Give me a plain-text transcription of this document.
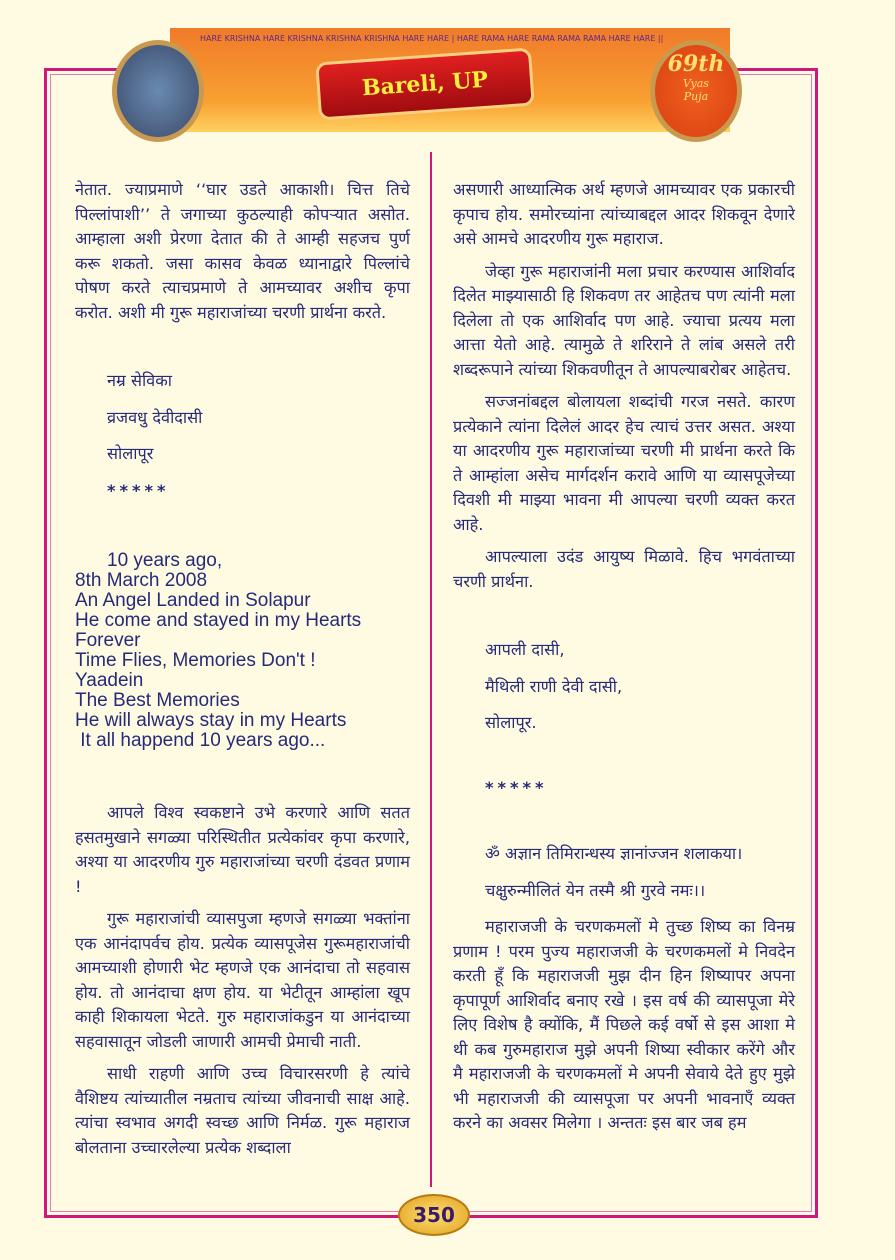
HARE KRISHNA HARE KRISHNA KRISHNA KRISHNA HARE HARE | HARE RAMA HARE RAMA RAMA RAMA HARE HARE ||
Bareli, UP
69th
Vyas
Puja

नेतात. ज्याप्रमाणे ‘‘घार उडते आकाशी। चित्त तिचे पिल्लांपाशी’’ ते जगाच्या कुठल्याही कोपऱ्यात असोत. आम्हाला अशी प्रेरणा देतात की ते आम्ही सहजच पुर्ण करू शकतो. जसा कासव केवळ ध्यानाद्वारे पिल्लांचे पोषण करते त्याचप्रमाणे ते आमच्यावर अशीच कृपा करोत. अशी मी गुरू महाराजांच्या चरणी प्रार्थना करते.

नम्र सेविका

व्रजवधु देवीदासी

सोलापूर

*****

10 years ago,
8th March 2008
An Angel Landed in Solapur
He come and stayed in my Hearts
Forever
Time Flies, Memories Don't !
Yaadein
The Best Memories
He will always stay in my Hearts
It all happend 10 years ago...

आपले विश्व स्वकष्टाने उभे करणारे आणि सतत हसतमुखाने सगळ्या परिस्थितीत प्रत्येकांवर कृपा करणारे, अश्या या आदरणीय गुरु महाराजांच्या चरणी दंडवत प्रणाम !

गुरू महाराजांची व्यासपुजा म्हणजे सगळ्या भक्तांना एक आनंदापर्वच होय. प्रत्येक व्यासपूजेस गुरूमहाराजांची आमच्याशी होणारी भेट म्हणजे एक आनंदाचा तो सहवास होय. तो आनंदाचा क्षण होय. या भेटीतून आम्हांला खूप काही शिकायला भेटते. गुरु महाराजांकडुन या आनंदाच्या सहवासातून जोडली जाणारी आमची प्रेमाची नाती.

साधी राहणी आणि उच्च विचारसरणी हे त्यांचे वैशिष्टय त्यांच्यातील नम्रताच त्यांच्या जीवनाची साक्ष आहे. त्यांचा स्वभाव अगदी स्वच्छ आणि निर्मळ. गुरू महाराज बोलताना उच्चारलेल्या प्रत्येक शब्दाला

असणारी आध्यात्मिक अर्थ म्हणजे आमच्यावर एक प्रकारची कृपाच होय. समोरच्यांना त्यांच्याबद्दल आदर शिकवून देणारे असे आमचे आदरणीय गुरू महाराज.

जेव्हा गुरू महाराजांनी मला प्रचार करण्यास आशिर्वाद दिलेत माझ्यासाठी हि शिकवण तर आहेतच पण त्यांनी मला दिलेला तो एक आशिर्वाद पण आहे. ज्याचा प्रत्यय मला आत्ता येतो आहे. त्यामुळे ते शरिराने ते लांब असले तरी शब्दरूपाने त्यांच्या शिकवणीतून ते आपल्याबरोबर आहेतच.

सज्जनांबद्दल बोलायला शब्दांची गरज नसते. कारण प्रत्येकाने त्यांना दिलेलं आदर हेच त्याचं उत्तर असत. अश्या या आदरणीय गुरू महाराजांच्या चरणी मी प्रार्थना करते कि ते आम्हांला असेच मार्गदर्शन करावे आणि या व्यासपूजेच्या दिवशी मी माझ्या भावना मी आपल्या चरणी व्यक्त करत आहे.

आपल्याला उदंड आयुष्य मिळावे. हिच भगवंताच्या चरणी प्रार्थना.

आपली दासी,

मैथिली राणी देवी दासी,

सोलापूर.

*****

ॐ अज्ञान तिमिरान्धस्य ज्ञानांज्जन शलाकया।

चक्षुरुन्मीलितं येन तस्मै श्री गुरवे नमः।।

महाराजजी के चरणकमलों मे तुच्छ शिष्य का विनम्र प्रणाम ! परम पुज्य महाराजजी के चरणकमलों मे निवदेन करती हूँ कि महाराजजी मुझ दीन हिन शिष्यापर अपना कृपापूर्ण आशिर्वाद बनाए रखे । इस वर्ष की व्यासपूजा मेरे लिए विशेष है क्योंकि, मैं पिछले कई वर्षो से इस आशा मे थी कब गुरुमहाराज मुझे अपनी शिष्या स्वीकार करेंगे और मै महाराजजी के चरणकमलों मे अपनी सेवाये देते हुए मुझे भी महाराजजी की व्यासपूजा पर अपनी भावनाएँ व्यक्त करने का अवसर मिलेगा । अन्ततः इस बार जब हम

350
